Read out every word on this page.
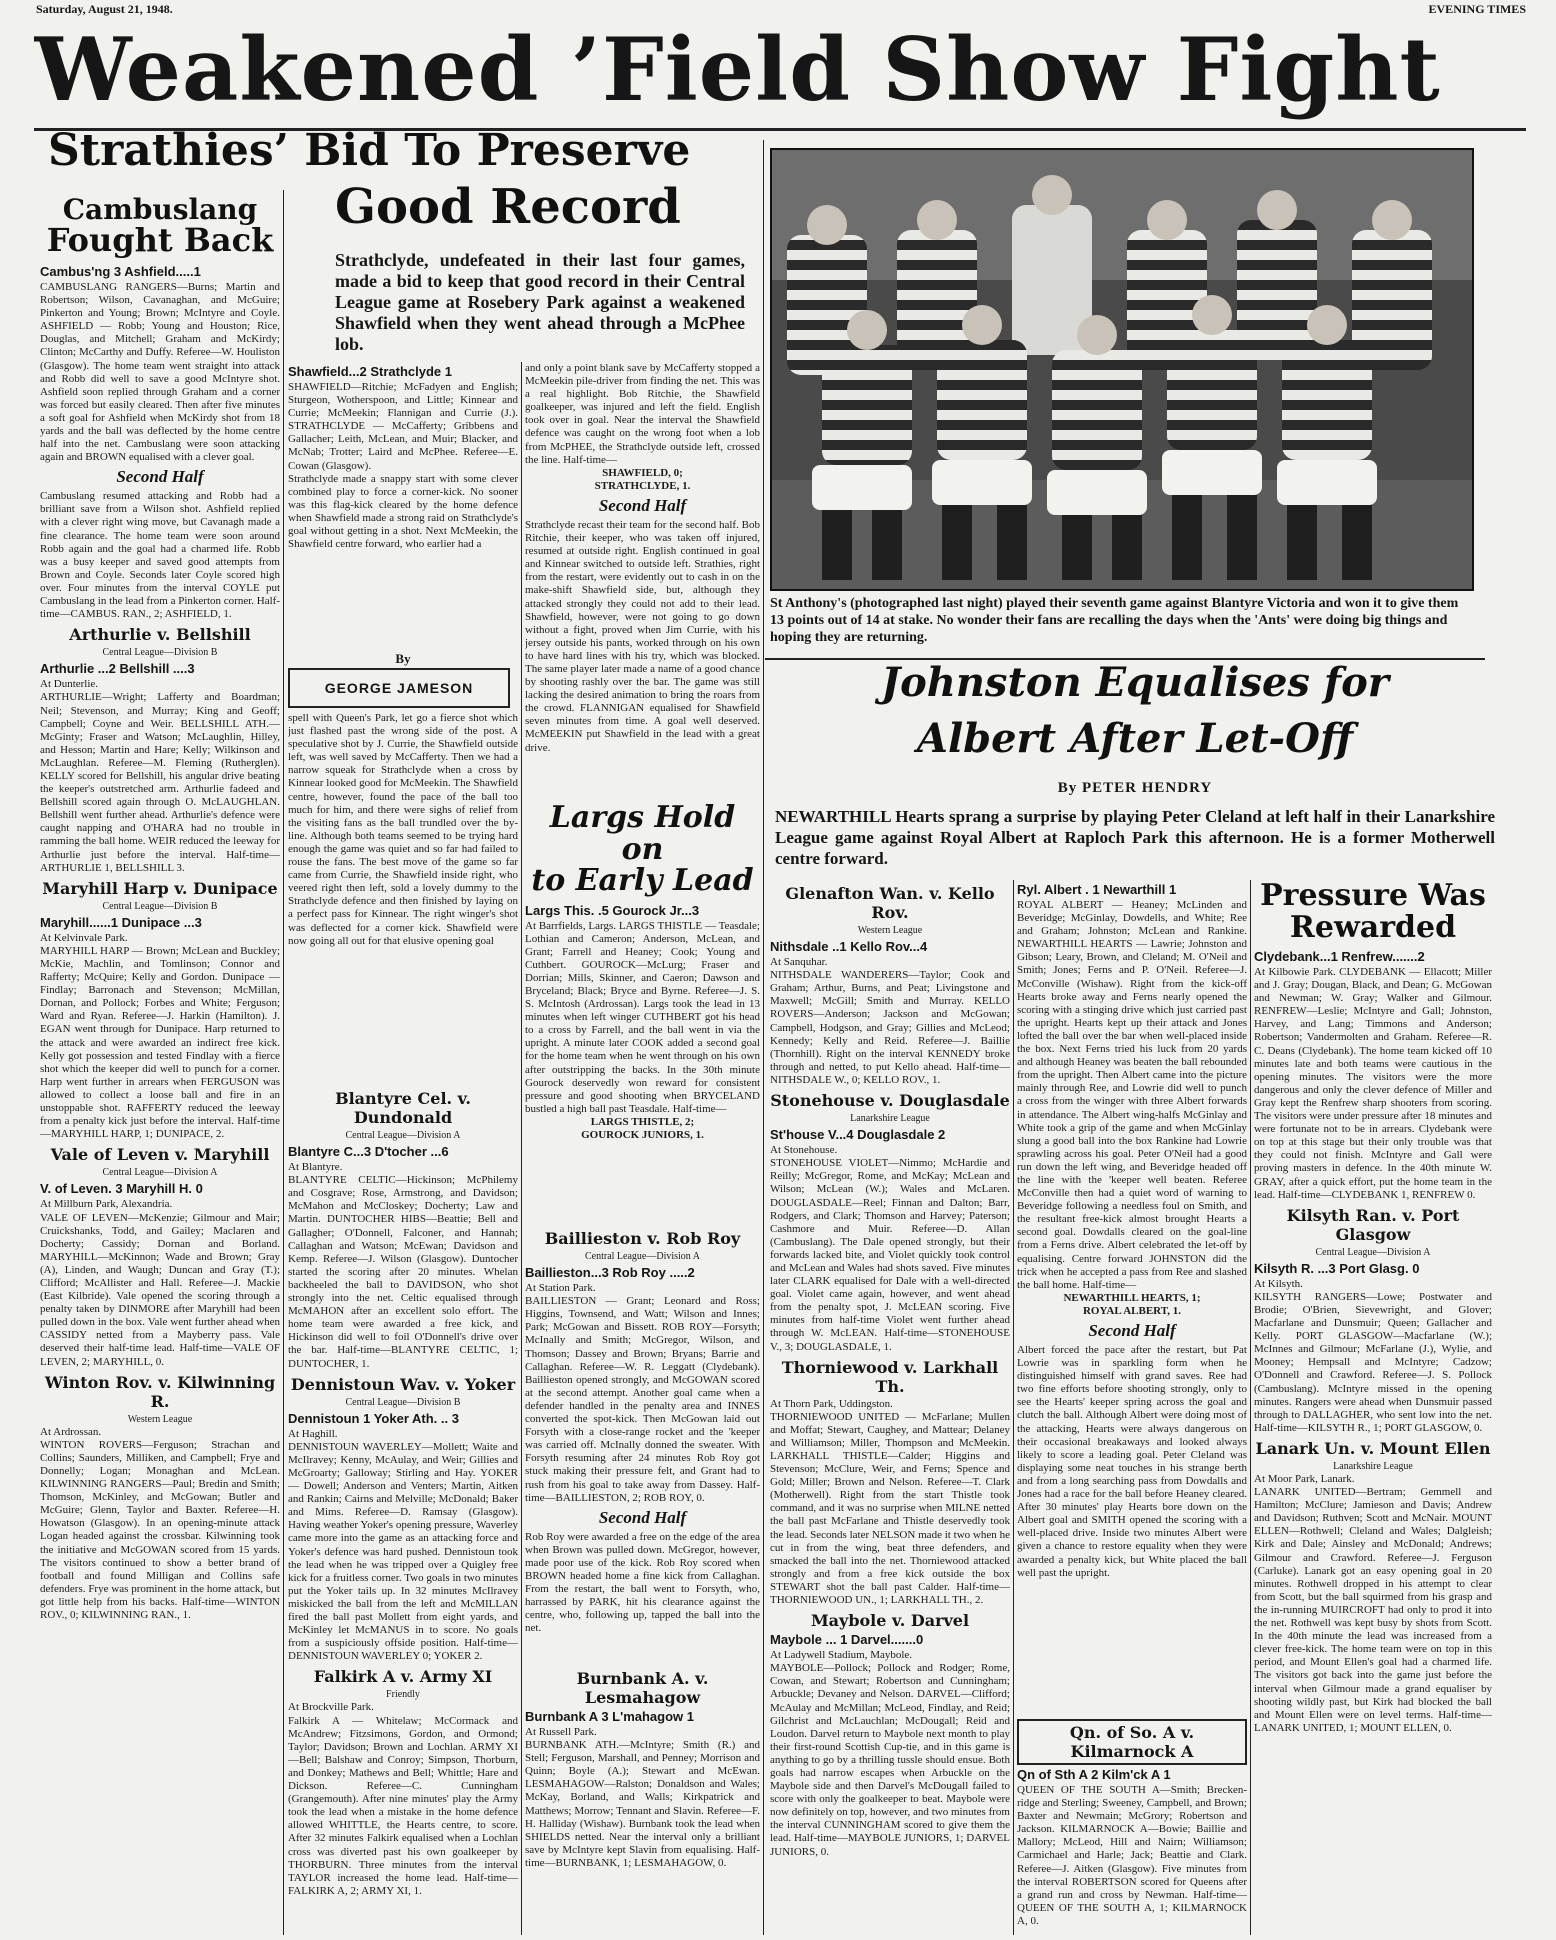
Saturday, August 21, 1948.	EVENING TIMES
Weakened ’Field Show Fight
Strathies’ Bid To Preserve
Good Record
Cambuslang
Fought Back
Cambus'ng 3 Ashfield.....1
CAMBUSLANG RANGERS—Burns; Martin and Robertson; Wilson, Cavanaghan, and McGuire; Pinkerton and Young; Brown; McIntyre and Coyle. ASHFIELD — Robb; Young and Houston; Rice, Douglas, and Mitchell; Graham and McKirdy; Clinton; McCarthy and Duffy. Referee—W. Houliston (Glasgow). The home team went straight into attack and Robb did well to save a good McIntyre shot. Ashfield soon replied through Graham and a corner was forced but easily cleared. Then after five minutes a soft goal for Ashfield when McKirdy shot from 18 yards and the ball was deflected by the home centre half into the net. Cambuslang were soon attacking again and BROWN equalised with a clever goal.
Second Half
Cambuslang resumed attacking and Robb had a brilliant save from a Wilson shot. Ashfield replied with a clever right wing move, but Cavanagh made a fine clearance. The home team were soon around Robb again and the goal had a charmed life. Robb was a busy keeper and saved good attempts from Brown and Coyle. Seconds later Coyle scored high over. Four minutes from the interval COYLE put Cambuslang in the lead from a Pinkerton corner. Half-time—CAMBUS. RAN., 2; ASHFIELD, 1.
Arthurlie v. Bellshill
Central League—Division B
Arthurlie ...2 Bellshill ....3
At Dunterlie.
ARTHURLIE—Wright; Lafferty and Boardman; Neil; Stevenson, and Murray; King and Geoff; Campbell; Coyne and Weir. BELLSHILL ATH.—McGinty; Fraser and Watson; McLaughlin, Hilley, and Hesson; Martin and Hare; Kelly; Wilkinson and McLaughlan. Referee—M. Fleming (Rutherglen). KELLY scored for Bellshill, his angular drive beating the keeper's outstretched arm. Arthurlie fadeed and Bellshill scored again through O. McLAUGHLAN. Bellshill went further ahead. Arthurlie's defence were caught napping and O'HARA had no trouble in ramming the ball home. WEIR reduced the leeway for Arthurlie just before the interval. Half-time—ARTHURLIE 1, BELLSHILL 3.
Maryhill Harp v. Dunipace
Central League—Division B
Maryhill......1 Dunipace ...3
At Kelvinvale Park.
MARYHILL HARP — Brown; McLean and Buckley; McKie, Machlin, and Tomlinson; Connor and Rafferty; McQuire; Kelly and Gordon. Dunipace — Findlay; Barronach and Stevenson; McMillan, Dornan, and Pollock; Forbes and White; Ferguson; Ward and Ryan. Referee—J. Harkin (Hamilton). J. EGAN went through for Dunipace. Harp returned to the attack and were awarded an indirect free kick. Kelly got possession and tested Findlay with a fierce shot which the keeper did well to punch for a corner. Harp went further in arrears when FERGUSON was allowed to collect a loose ball and fire in an unstoppable shot. RAFFERTY reduced the leeway from a penalty kick just before the interval. Half-time—MARYHILL HARP, 1; DUNIPACE, 2.
Vale of Leven v. Maryhill
Central League—Division A
V. of Leven. 3 Maryhill H. 0
At Millburn Park, Alexandria.
VALE OF LEVEN—McKenzie; Gilmour and Mair; Cruickshanks, Todd, and Gailey; Maclaren and Docherty; Cassidy; Dornan and Borland. MARYHILL—McKinnon; Wade and Brown; Gray (A), Linden, and Waugh; Duncan and Gray (T.); Clifford; McAllister and Hall. Referee—J. Mackie (East Kilbride). Vale opened the scoring through a penalty taken by DINMORE after Maryhill had been pulled down in the box. Vale went further ahead when CASSIDY netted from a Mayberry pass. Vale deserved their half-time lead. Half-time—VALE OF LEVEN, 2; MARYHILL, 0.
Winton Rov. v. Kilwinning R.
Western League
At Ardrossan.
WINTON ROVERS—Ferguson; Strachan and Collins; Saunders, Milliken, and Campbell; Frye and Donnelly; Logan; Monaghan and McLean. KILWINNING RANGERS—Paul; Bredin and Smith; Thomson, McKinley, and McGowan; Butler and McGuire; Glenn, Taylor and Baxter. Referee—H. Howatson (Glasgow). In an opening-minute attack Logan headed against the crossbar. Kilwinning took the initiative and McGOWAN scored from 15 yards. The visitors continued to show a better brand of football and found Milligan and Collins safe defenders. Frye was prominent in the home attack, but got little help from his backs. Half-time—WINTON ROV., 0; KILWINNING RAN., 1.
Strathclyde, undefeated in their last four games, made a bid to keep that good record in their Central League game at Rosebery Park against a weakened Shawfield when they went ahead through a McPhee lob.
Shawfield...2 Strathclyde 1
SHAWFIELD—Ritchie; McFadyen and English; Sturgeon, Wotherspoon, and Little; Kinnear and Currie; McMeekin; Flannigan and Currie (J.). STRATHCLYDE — McCafferty; Gribbens and Gallacher; Leith, McLean, and Muir; Blacker, and McNab; Trotter; Laird and McPhee. Referee—E. Cowan (Glasgow).
Strathclyde made a snappy start with some clever combined play to force a corner-kick. No sooner was this flag-kick cleared by the home defence when Shawfield made a strong raid on Strathclyde's goal without getting in a shot. Next McMeekin, the Shawfield centre forward, who earlier had a
By
GEORGE JAMESON
spell with Queen's Park, let go a fierce shot which just flashed past the wrong side of the post. A speculative shot by J. Currie, the Shawfield outside left, was well saved by McCafferty. Then we had a narrow squeak for Strathclyde when a cross by Kinnear looked good for McMeekin. The Shawfield centre, however, found the pace of the ball too much for him, and there were sighs of relief from the visiting fans as the ball trundled over the by-line. Although both teams seemed to be trying hard enough the game was quiet and so far had failed to rouse the fans. The best move of the game so far came from Currie, the Shawfield inside right, who veered right then left, sold a lovely dummy to the Strathclyde defence and then finished by laying on a perfect pass for Kinnear. The right winger's shot was deflected for a corner kick. Shawfield were now going all out for that elusive opening goal
and only a point blank save by McCafferty stopped a McMeekin pile-driver from finding the net. This was a real highlight. Bob Ritchie, the Shawfield goalkeeper, was injured and left the field. English took over in goal. Near the interval the Shawfield defence was caught on the wrong foot when a lob from McPHEE, the Strathclyde outside left, crossed the line. Half-time—
SHAWFIELD, 0;
STRATHCLYDE, 1.
Second Half
Strathclyde recast their team for the second half. Bob Ritchie, their keeper, who was taken off injured, resumed at outside right. English continued in goal and Kinnear switched to outside left. Strathies, right from the restart, were evidently out to cash in on the make-shift Shawfield side, but, although they attacked strongly they could not add to their lead. Shawfield, however, were not going to go down without a fight, proved when Jim Currie, with his jersey outside his pants, worked through on his own to have hard lines with his try, which was blocked. The same player later made a name of a good chance by shooting rashly over the bar. The game was still lacking the desired animation to bring the roars from the crowd. FLANNIGAN equalised for Shawfield seven minutes from time. A goal well deserved. McMEEKIN put Shawfield in the lead with a great drive.
Largs Hold on
to Early Lead
Largs This. .5 Gourock Jr...3
At Barrfields, Largs. LARGS THISTLE — Teasdale; Lothian and Cameron; Anderson, McLean, and Grant; Farrell and Heaney; Cook; Young and Cuthbert. GOUROCK—McLurg; Fraser and Dorrian; Mills, Skinner, and Caeron; Dawson and Bryceland; Black; Bryce and Byrne. Referee—J. S. S. McIntosh (Ardrossan). Largs took the lead in 13 minutes when left winger CUTHBERT got his head to a cross by Farrell, and the ball went in via the upright. A minute later COOK added a second goal for the home team when he went through on his own after outstripping the backs. In the 30th minute Gourock deservedly won reward for consistent pressure and good shooting when BRYCELAND bustled a high ball past Teasdale. Half-time—
LARGS THISTLE, 2;
GOUROCK JUNIORS, 1.
Baillieston v. Rob Roy
Central League—Division A
Baillieston...3 Rob Roy .....2
At Station Park.
BAILLIESTON — Grant; Leonard and Ross; Higgins, Townsend, and Watt; Wilson and Innes; Park; McGowan and Bissett. ROB ROY—Forsyth; McInally and Smith; McGregor, Wilson, and Thomson; Dassey and Brown; Bryans; Barrie and Callaghan. Referee—W. R. Leggatt (Clydebank). Baillieston opened strongly, and McGOWAN scored at the second attempt. Another goal came when a defender handled in the penalty area and INNES converted the spot-kick. Then McGowan laid out Forsyth with a close-range rocket and the 'keeper was carried off. McInally donned the sweater. With Forsyth resuming after 24 minutes Rob Roy got stuck making their pressure felt, and Grant had to rush from his goal to take away from Dassey. Half-time—BAILLIESTON, 2; ROB ROY, 0.
Second Half
Rob Roy were awarded a free on the edge of the area when Brown was pulled down. McGregor, however, made poor use of the kick. Rob Roy scored when BROWN headed home a fine kick from Callaghan. From the restart, the ball went to Forsyth, who, harrassed by PARK, hit his clearance against the centre, who, following up, tapped the ball into the net.
Burnbank A. v. Lesmahagow
Burnbank A 3 L'mahagow 1
At Russell Park.
BURNBANK ATH.—McIntyre; Smith (R.) and Stell; Ferguson, Marshall, and Penney; Morrison and Quinn; Boyle (A.); Stewart and McEwan. LESMAHAGOW—Ralston; Donaldson and Wales; McKay, Borland, and Walls; Kirkpatrick and Matthews; Morrow; Tennant and Slavin. Referee—F. H. Halliday (Wishaw). Burnbank took the lead when SHIELDS netted. Near the interval only a brilliant save by McIntyre kept Slavin from equalising. Half-time—BURNBANK, 1; LESMAHAGOW, 0.
Blantyre Cel. v. Dundonald
Central League—Division A
Blantyre C...3 D'tocher ...6
At Blantyre.
BLANTYRE CELTIC—Hickinson; McPhilemy and Cosgrave; Rose, Armstrong, and Davidson; McMahon and McCloskey; Docherty; Law and Martin. DUNTOCHER HIBS—Beattie; Bell and Gallagher; O'Donnell, Falconer, and Hannah; Callaghan and Watson; McEwan; Davidson and Kemp. Referee—J. Wilson (Glasgow). Duntocher started the scoring after 20 minutes. Whelan backheeled the ball to DAVIDSON, who shot strongly into the net. Celtic equalised through McMAHON after an excellent solo effort. The home team were awarded a free kick, and Hickinson did well to foil O'Donnell's drive over the bar. Half-time—BLANTYRE CELTIC, 1; DUNTOCHER, 1.
Dennistoun Wav. v. Yoker
Central League—Division B
Dennistoun 1 Yoker Ath. .. 3
At Haghill.
DENNISTOUN WAVERLEY—Mollett; Waite and McIlravey; Kenny, McAulay, and Weir; Gillies and McGroarty; Galloway; Stirling and Hay. YOKER — Dowell; Anderson and Venters; Martin, Aitken and Rankin; Cairns and Melville; McDonald; Baker and Mims. Referee—D. Ramsay (Glasgow). Having weather Yoker's opening pressure, Waverley came more into the game as an attacking force and Yoker's defence was hard pushed. Dennistoun took the lead when he was tripped over a Quigley free kick for a fruitless corner. Two goals in two minutes put the Yoker tails up. In 32 minutes McIlravey miskicked the ball from the left and McMILLAN fired the ball past Mollett from eight yards, and McKinley let McMANUS in to score. No goals from a suspiciously offside position. Half-time—DENNISTOUN WAVERLEY 0; YOKER 2.
Falkirk A v. Army XI
Friendly
At Brockville Park.
Falkirk A — Whitelaw; McCormack and McAndrew; Fitzsimons, Gordon, and Ormond; Taylor; Davidson; Brown and Lochlan. ARMY XI—Bell; Balshaw and Conroy; Simpson, Thorburn, and Donkey; Mathews and Bell; Whittle; Hare and Dickson. Referee—C. Cunningham (Grangemouth). After nine minutes' play the Army took the lead when a mistake in the home defence allowed WHITTLE, the Hearts centre, to score. After 32 minutes Falkirk equalised when a Lochlan cross was diverted past his own goalkeeper by THORBURN. Three minutes from the interval TAYLOR increased the home lead. Half-time—FALKIRK A, 2; ARMY XI, 1.
St Anthony's (photographed last night) played their seventh game against Blantyre Victoria and won it to give them 13 points out of 14 at stake. No wonder their fans are recalling the days when the 'Ants' were doing big things and hoping they are returning.
Johnston Equalises for
Albert After Let-Off
By PETER HENDRY
NEWARTHILL Hearts sprang a surprise by playing Peter Cleland at left half in their Lanarkshire League game against Royal Albert at Raploch Park this afternoon. He is a former Motherwell centre forward.
Glenafton Wan. v. Kello Rov.
Western League
Nithsdale ..1 Kello Rov...4
At Sanquhar.
NITHSDALE WANDERERS—Taylor; Cook and Graham; Arthur, Burns, and Peat; Livingstone and Maxwell; McGill; Smith and Murray. KELLO ROVERS—Anderson; Jackson and McGowan; Campbell, Hodgson, and Gray; Gillies and McLeod; Kennedy; Kelly and Reid. Referee—J. Baillie (Thornhill). Right on the interval KENNEDY broke through and netted, to put Kello ahead. Half-time—NITHSDALE W., 0; KELLO ROV., 1.
Stonehouse v. Douglasdale
Lanarkshire League
St'house V...4 Douglasdale 2
At Stonehouse.
STONEHOUSE VIOLET—Nimmo; McHardie and Reilly; McGregor, Rome, and McKay; McLean and Wilson; McLean (W.); Wales and McLaren. DOUGLASDALE—Reel; Finnan and Dalton; Barr, Rodgers, and Clark; Thomson and Harvey; Paterson; Cashmore and Muir. Referee—D. Allan (Cambuslang). The Dale opened strongly, but their forwards lacked bite, and Violet quickly took control and McLean and Wales had shots saved. Five minutes later CLARK equalised for Dale with a well-directed goal. Violet came again, however, and went ahead from the penalty spot, J. McLEAN scoring. Five minutes from half-time Violet went further ahead through W. McLEAN. Half-time—STONEHOUSE V., 3; DOUGLASDALE, 1.
Thorniewood v. Larkhall Th.
At Thorn Park, Uddingston.
THORNIEWOOD UNITED — McFarlane; Mullen and Moffat; Stewart, Caughey, and Mattear; Delaney and Williamson; Miller, Thompson and McMeekin. LARKHALL THISTLE—Calder; Higgins and Stevenson; McClure, Weir, and Ferns; Spence and Gold; Miller; Brown and Nelson. Referee—T. Clark (Motherwell). Right from the start Thistle took command, and it was no surprise when MILNE netted the ball past McFarlane and Thistle deservedly took the lead. Seconds later NELSON made it two when he cut in from the wing, beat three defenders, and smacked the ball into the net. Thorniewood attacked strongly and from a free kick outside the box STEWART shot the ball past Calder. Half-time—THORNIEWOOD UN., 1; LARKHALL TH., 2.
Maybole v. Darvel
Maybole ... 1 Darvel.......0
At Ladywell Stadium, Maybole.
MAYBOLE—Pollock; Pollock and Rodger; Rome, Cowan, and Stewart; Robertson and Cunningham; Arbuckle; Devaney and Nelson. DARVEL—Clifford; McAulay and McMillan; McLeod, Findlay, and Reid; Gilchrist and McLauchlan; McDougall; Reid and Loudon. Darvel return to Maybole next month to play their first-round Scottish Cup-tie, and in this game is anything to go by a thrilling tussle should ensue. Both goals had narrow escapes when Arbuckle on the Maybole side and then Darvel's McDougall failed to score with only the goalkeeper to beat. Maybole were now definitely on top, however, and two minutes from the interval CUNNINGHAM scored to give them the lead. Half-time—MAYBOLE JUNIORS, 1; DARVEL JUNIORS, 0.
Ryl. Albert . 1 Newarthill 1
ROYAL ALBERT — Heaney; McLinden and Beveridge; McGinlay, Dowdells, and White; Ree and Graham; Johnston; McLean and Rankine. NEWARTHILL HEARTS — Lawrie; Johnston and Gibson; Leary, Brown, and Cleland; M. O'Neil and Smith; Jones; Ferns and P. O'Neil. Referee—J. McConville (Wishaw). Right from the kick-off Hearts broke away and Ferns nearly opened the scoring with a stinging drive which just carried past the upright. Hearts kept up their attack and Jones lofted the ball over the bar when well-placed inside the box. Next Ferns tried his luck from 20 yards and although Heaney was beaten the ball rebounded from the upright. Then Albert came into the picture mainly through Ree, and Lowrie did well to punch a cross from the winger with three Albert forwards in attendance. The Albert wing-halfs McGinlay and White took a grip of the game and when McGinlay slung a good ball into the box Rankine had Lowrie sprawling across his goal. Peter O'Neil had a good run down the left wing, and Beveridge headed off the line with the 'keeper well beaten. Referee McConville then had a quiet word of warning to Beveridge following a needless foul on Smith, and the resultant free-kick almost brought Hearts a second goal. Dowdalls cleared on the goal-line from a Ferns drive. Albert celebrated the let-off by equalising. Centre forward JOHNSTON did the trick when he accepted a pass from Ree and slashed the ball home. Half-time—
NEWARTHILL HEARTS, 1;
ROYAL ALBERT, 1.
Second Half
Albert forced the pace after the restart, but Pat Lowrie was in sparkling form when he distinguished himself with grand saves. Ree had two fine efforts before shooting strongly, only to see the Hearts' keeper spring across the goal and clutch the ball. Although Albert were doing most of the attacking, Hearts were always dangerous on their occasional breakaways and looked always likely to score a leading goal. Peter Cleland was displaying some neat touches in his strange berth and from a long searching pass from Dowdalls and Jones had a race for the ball before Heaney cleared. After 30 minutes' play Hearts bore down on the Albert goal and SMITH opened the scoring with a well-placed drive. Inside two minutes Albert were given a chance to restore equality when they were awarded a penalty kick, but White placed the ball well past the upright.
Qn. of So. A v. Kilmarnock A
Qn of Sth A 2 Kilm'ck A 1
QUEEN OF THE SOUTH A—Smith; Brecken-ridge and Sterling; Sweeney, Campbell, and Brown; Baxter and Newmain; McGrory; Robertson and Jackson. KILMARNOCK A—Bowie; Baillie and Mallory; McLeod, Hill and Nairn; Williamson; Carmichael and Harle; Jack; Beattie and Clark. Referee—J. Aitken (Glasgow). Five minutes from the interval ROBERTSON scored for Queens after a grand run and cross by Newman. Half-time—QUEEN OF THE SOUTH A, 1; KILMARNOCK A, 0.
Pressure Was
Rewarded
Clydebank...1 Renfrew.......2
At Kilbowie Park. CLYDEBANK — Ellacott; Miller and J. Gray; Dougan, Black, and Dean; G. McGowan and Newman; W. Gray; Walker and Gilmour. RENFREW—Leslie; McIntyre and Gall; Johnston, Harvey, and Lang; Timmons and Anderson; Robertson; Vandermolten and Graham. Referee—R. C. Deans (Clydebank). The home team kicked off 10 minutes late and both teams were cautious in the opening minutes. The visitors were the more dangerous and only the clever defence of Miller and Gray kept the Renfrew sharp shooters from scoring. The visitors were under pressure after 18 minutes and were fortunate not to be in arrears. Clydebank were on top at this stage but their only trouble was that they could not finish. McIntyre and Gall were proving masters in defence. In the 40th minute W. GRAY, after a quick effort, put the home team in the lead. Half-time—CLYDEBANK 1, RENFREW 0.
Kilsyth Ran. v. Port Glasgow
Central League—Division A
Kilsyth R. ...3 Port Glasg. 0
At Kilsyth.
KILSYTH RANGERS—Lowe; Postwater and Brodie; O'Brien, Sievewright, and Glover; Macfarlane and Dunsmuir; Queen; Gallacher and Kelly. PORT GLASGOW—Macfarlane (W.); McInnes and Gilmour; McFarlane (J.), Wylie, and Mooney; Hempsall and McIntyre; Cadzow; O'Donnell and Crawford. Referee—J. S. Pollock (Cambuslang). McIntyre missed in the opening minutes. Rangers were ahead when Dunsmuir passed through to DALLAGHER, who sent low into the net. Half-time—KILSYTH R., 1; PORT GLASGOW, 0.
Lanark Un. v. Mount Ellen
Lanarkshire League
At Moor Park, Lanark.
LANARK UNITED—Bertram; Gemmell and Hamilton; McClure; Jamieson and Davis; Andrew and Davidson; Ruthven; Scott and McNair. MOUNT ELLEN—Rothwell; Cleland and Wales; Dalgleish; Kirk and Dale; Ainsley and McDonald; Andrews; Gilmour and Crawford. Referee—J. Ferguson (Carluke). Lanark got an easy opening goal in 20 minutes. Rothwell dropped in his attempt to clear from Scott, but the ball squirmed from his grasp and the in-running MUIRCROFT had only to prod it into the net. Rothwell was kept busy by shots from Scott. In the 40th minute the lead was increased from a clever free-kick. The home team were on top in this period, and Mount Ellen's goal had a charmed life. The visitors got back into the game just before the interval when Gilmour made a grand equaliser by shooting wildly past, but Kirk had blocked the ball and Mount Ellen were on level terms. Half-time—LANARK UNITED, 1; MOUNT ELLEN, 0.
